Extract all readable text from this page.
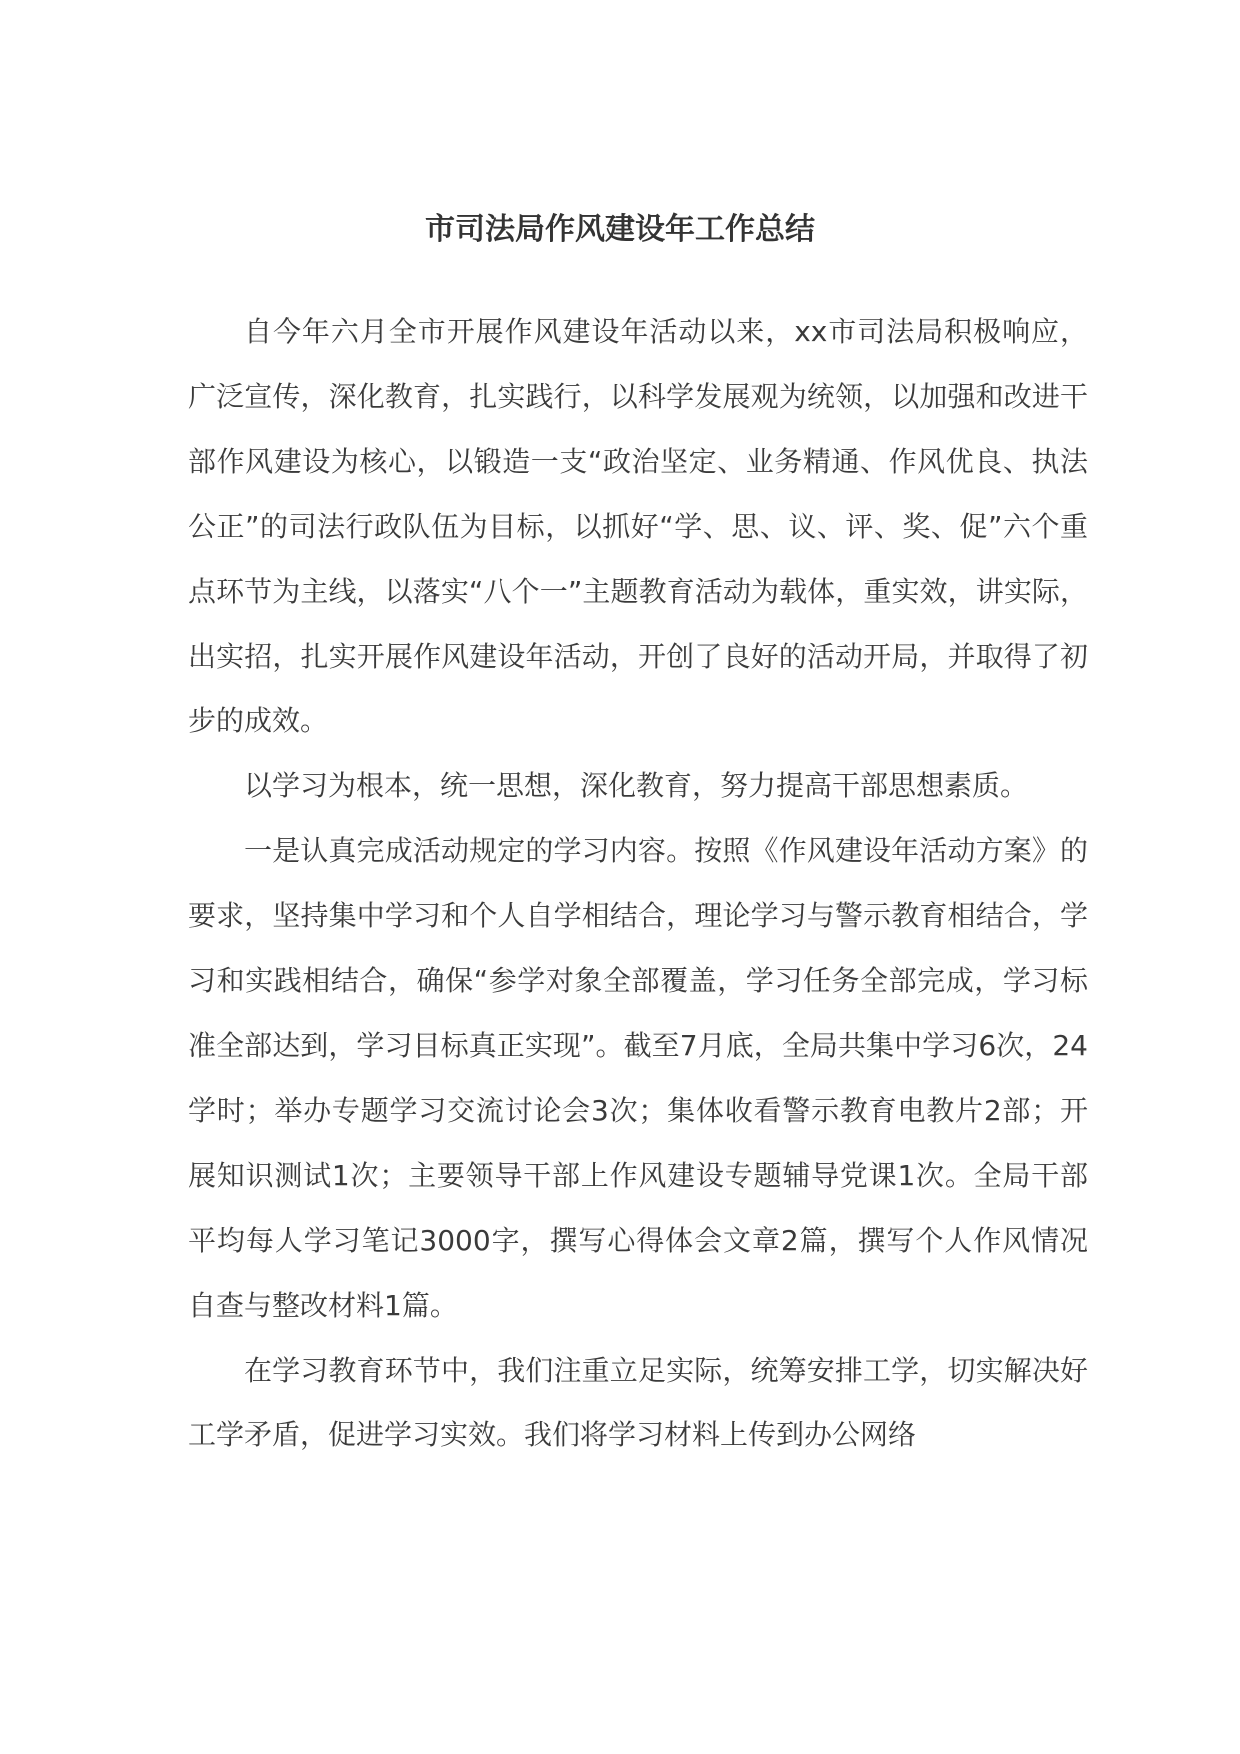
市司法局作风建设年工作总结

自今年六月全市开展作风建设年活动以来，xx市司法局积极响应，广泛宣传，深化教育，扎实践行，以科学发展观为统领，以加强和改进干部作风建设为核心，以锻造一支“政治坚定、业务精通、作风优良、执法公正”的司法行政队伍为目标，以抓好“学、思、议、评、奖、促”六个重点环节为主线，以落实“八个一”主题教育活动为载体，重实效，讲实际，出实招，扎实开展作风建设年活动，开创了良好的活动开局，并取得了初步的成效。

以学习为根本，统一思想，深化教育，努力提高干部思想素质。

一是认真完成活动规定的学习内容。按照《作风建设年活动方案》的要求，坚持集中学习和个人自学相结合，理论学习与警示教育相结合，学习和实践相结合，确保“参学对象全部覆盖，学习任务全部完成，学习标准全部达到，学习目标真正实现”。截至7月底，全局共集中学习6次，24学时；举办专题学习交流讨论会3次；集体收看警示教育电教片2部；开展知识测试1次；主要领导干部上作风建设专题辅导党课1次。全局干部平均每人学习笔记3000字，撰写心得体会文章2篇，撰写个人作风情况自查与整改材料1篇。

在学习教育环节中，我们注重立足实际，统筹安排工学，切实解决好工学矛盾，促进学习实效。我们将学习材料上传到办公网络
